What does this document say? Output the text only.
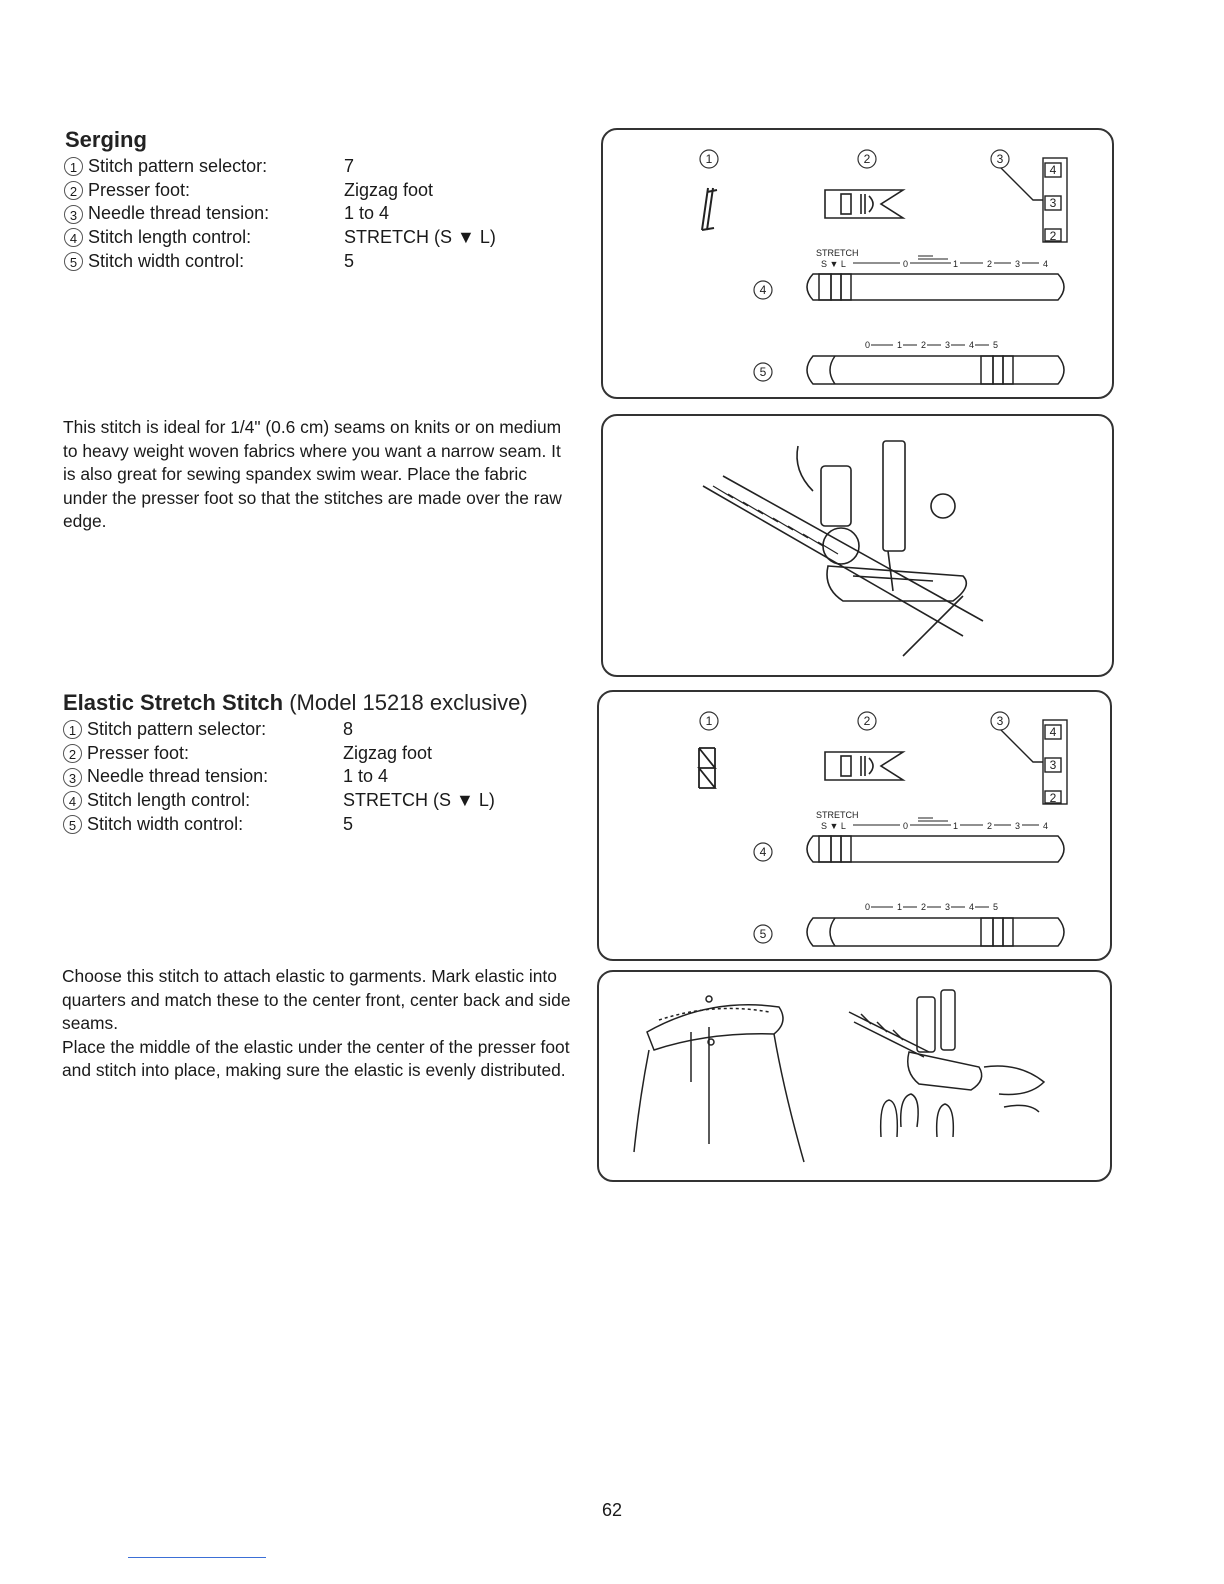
Serging
1 Stitch pattern selector:	7
2 Presser foot:	Zigzag foot
3 Needle thread tension:	1 to 4
4 Stitch length control:	STRETCH (S ▼ L)
5 Stitch width control:	5

This stitch is ideal for 1/4" (0.6 cm) seams on knits or on medium to heavy weight woven fabrics where you want a narrow seam. It is also great for sewing spandex swim wear. Place the fabric under the presser foot so that the stitches are made over the raw edge.

Elastic Stretch Stitch (Model 15218 exclusive)
1 Stitch pattern selector:	8
2 Presser foot:	Zigzag foot
3 Needle thread tension:	1 to 4
4 Stitch length control:	STRETCH (S ▼ L)
5 Stitch width control:	5

Choose this stitch to attach elastic to garments. Mark elastic into quarters and match these to the center front, center back and side seams.

Place the middle of the elastic under the center of the presser foot and stitch into place, making sure the elastic is evenly distributed.

1	2	3
4
5
4
3
2
STRETCH
S ▼ L	0	1	2	3	4
0	1 2 3 4 5
1	2	3
4
5
4
3
2
STRETCH
S ▼ L	0	1	2	3	4
0	1 2 3 4 5
62
